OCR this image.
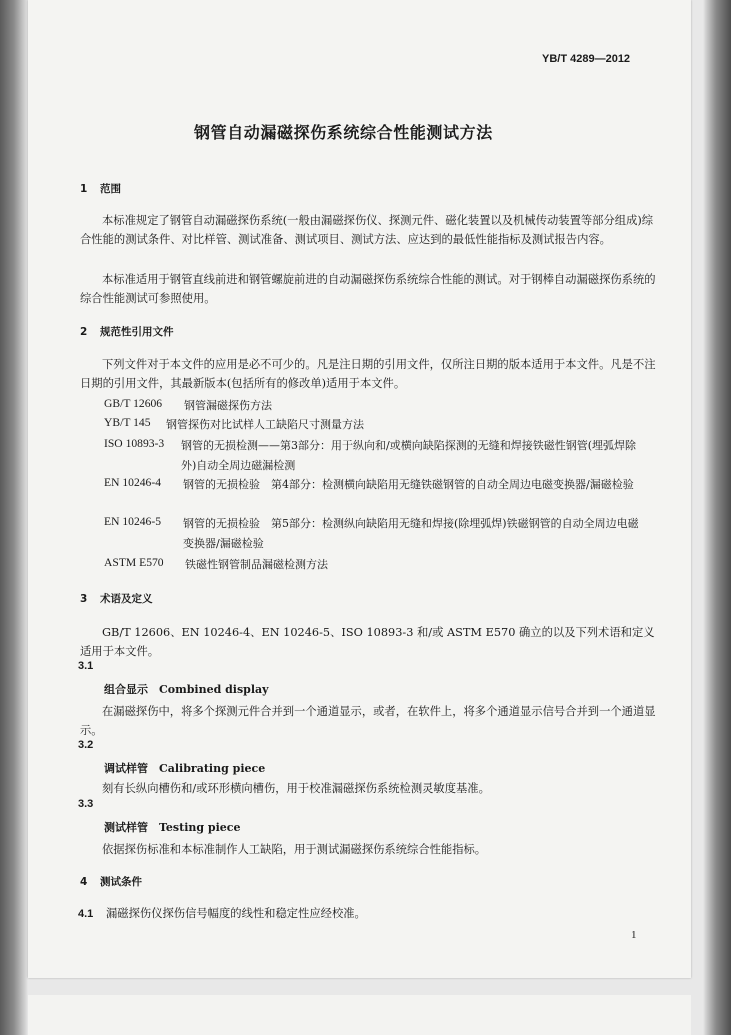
YB/T 4289—2012
钢管自动漏磁探伤系统综合性能测试方法
1 范围
本标准规定了钢管自动漏磁探伤系统(一般由漏磁探伤仪、探测元件、磁化装置以及机械传动装置等部分组成)综合性能的测试条件、对比样管、测试准备、测试项目、测试方法、应达到的最低性能指标及测试报告内容。
本标准适用于钢管直线前进和钢管螺旋前进的自动漏磁探伤系统综合性能的测试。对于钢棒自动漏磁探伤系统的综合性能测试可参照使用。
2 规范性引用文件
下列文件对于本文件的应用是必不可少的。凡是注日期的引用文件，仅所注日期的版本适用于本文件。凡是不注日期的引用文件，其最新版本(包括所有的修改单)适用于本文件。
GB/T 12606 钢管漏磁探伤方法
YB/T 145 钢管探伤对比试样人工缺陷尺寸测量方法
ISO 10893-3 钢管的无损检测——第3部分：用于纵向和/或横向缺陷探测的无缝和焊接铁磁性钢管(埋弧焊除外)自动全周边磁漏检测
EN 10246-4 钢管的无损检验　第4部分：检测横向缺陷用无缝铁磁钢管的自动全周边电磁变换器/漏磁检验
EN 10246-5 钢管的无损检验　第5部分：检测纵向缺陷用无缝和焊接(除埋弧焊)铁磁钢管的自动全周边电磁变换器/漏磁检验
ASTM E570 铁磁性钢管制品漏磁检测方法
3 术语及定义
GB/T 12606、EN 10246-4、EN 10246-5、ISO 10893-3 和/或 ASTM E570 确立的以及下列术语和定义适用于本文件。
3.1
组合显示　 Combined display
在漏磁探伤中，将多个探测元件合并到一个通道显示，或者，在软件上，将多个通道显示信号合并到一个通道显示。
3.2
调试样管　 Calibrating piece
刻有长纵向槽伤和/或环形横向槽伤，用于校准漏磁探伤系统检测灵敏度基准。
3.3
测试样管　 Testing piece
依据探伤标准和本标准制作人工缺陷，用于测试漏磁探伤系统综合性能指标。
4 测试条件
4.1 漏磁探伤仪探伤信号幅度的线性和稳定性应经校准。
1
